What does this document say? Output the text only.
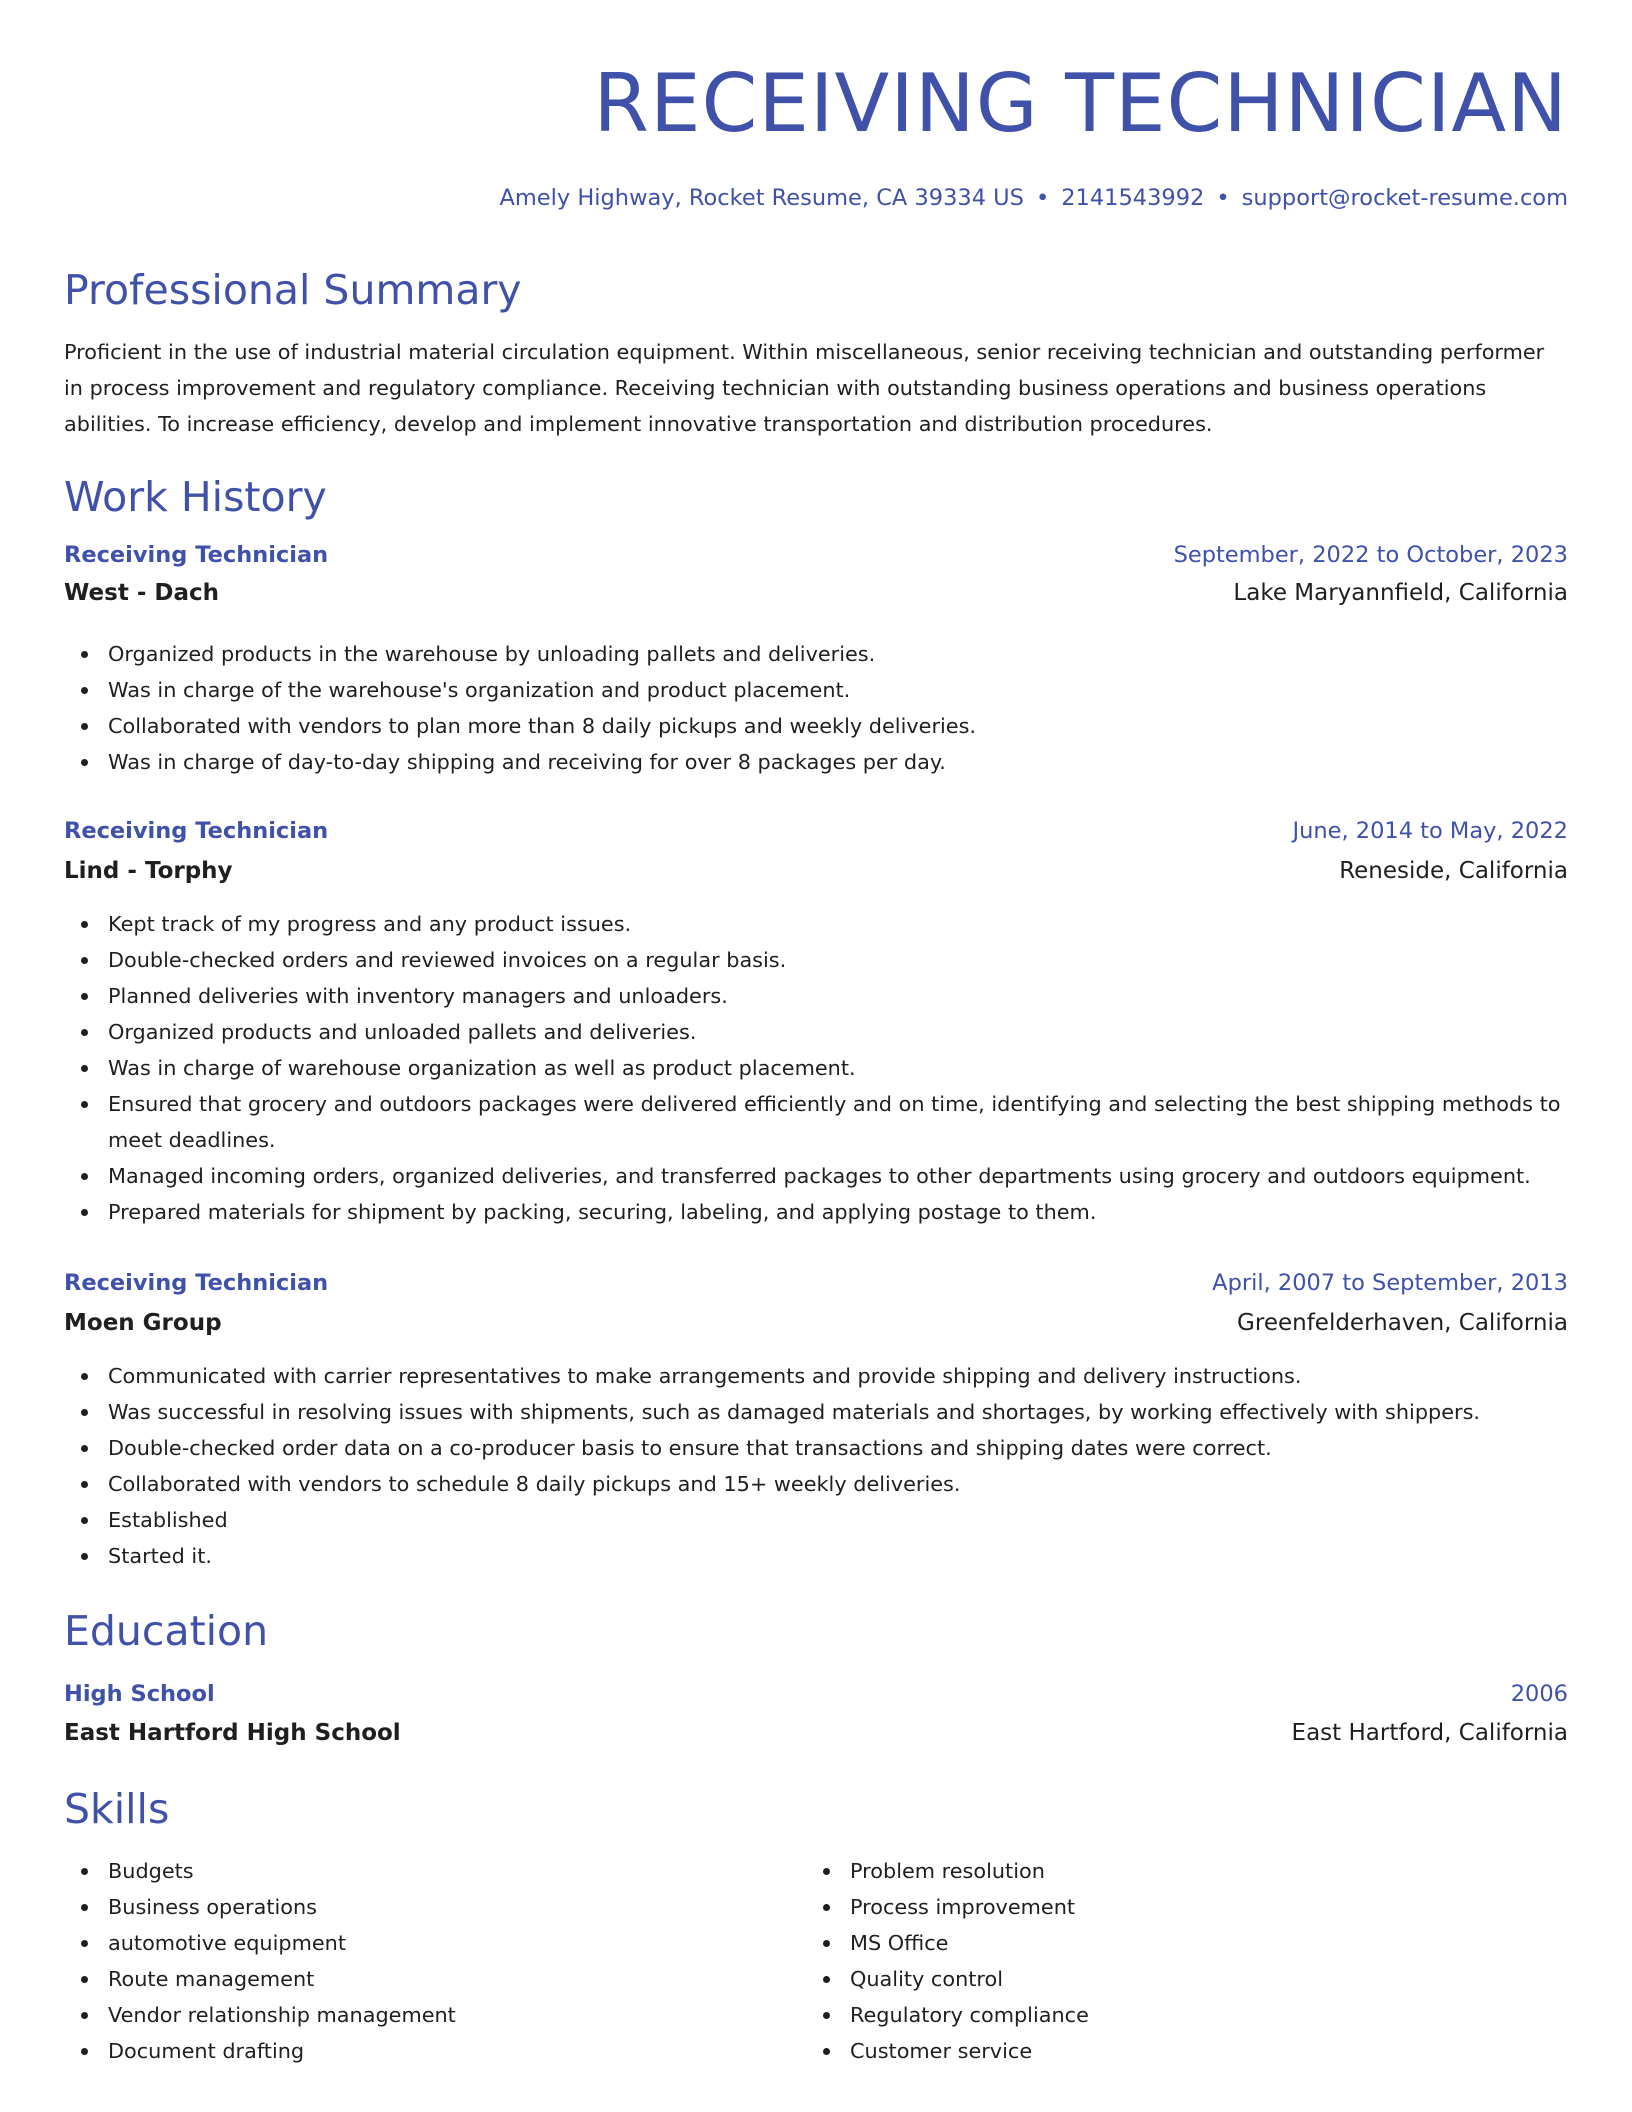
RECEIVING TECHNICIAN
Amely Highway, Rocket Resume, CA 39334 US • 2141543992 • support@rocket-resume.com
Professional Summary

Proficient in the use of industrial material circulation equipment. Within miscellaneous, senior receiving technician and outstanding performer in process improvement and regulatory compliance. Receiving technician with outstanding business operations and business operations abilities. To increase efficiency, develop and implement innovative transportation and distribution procedures.

Work History
Receiving Technician	September, 2022 to October, 2023
West - Dach	Lake Maryannfield, California
Organized products in the warehouse by unloading pallets and deliveries.
Was in charge of the warehouse's organization and product placement.
Collaborated with vendors to plan more than 8 daily pickups and weekly deliveries.
Was in charge of day-to-day shipping and receiving for over 8 packages per day.
Receiving Technician	June, 2014 to May, 2022
Lind - Torphy	Reneside, California
Kept track of my progress and any product issues.
Double-checked orders and reviewed invoices on a regular basis.
Planned deliveries with inventory managers and unloaders.
Organized products and unloaded pallets and deliveries.
Was in charge of warehouse organization as well as product placement.
Ensured that grocery and outdoors packages were delivered efficiently and on time, identifying and selecting the best shipping methods to meet deadlines.
Managed incoming orders, organized deliveries, and transferred packages to other departments using grocery and outdoors equipment.
Prepared materials for shipment by packing, securing, labeling, and applying postage to them.
Receiving Technician	April, 2007 to September, 2013
Moen Group	Greenfelderhaven, California
Communicated with carrier representatives to make arrangements and provide shipping and delivery instructions.
Was successful in resolving issues with shipments, such as damaged materials and shortages, by working effectively with shippers.
Double-checked order data on a co-producer basis to ensure that transactions and shipping dates were correct.
Collaborated with vendors to schedule 8 daily pickups and 15+ weekly deliveries.
Established
Started it.
Education
High School	2006
East Hartford High School	East Hartford, California
Skills
Budgets
Business operations
automotive equipment
Route management
Vendor relationship management
Document drafting
Problem resolution
Process improvement
MS Office
Quality control
Regulatory compliance
Customer service
